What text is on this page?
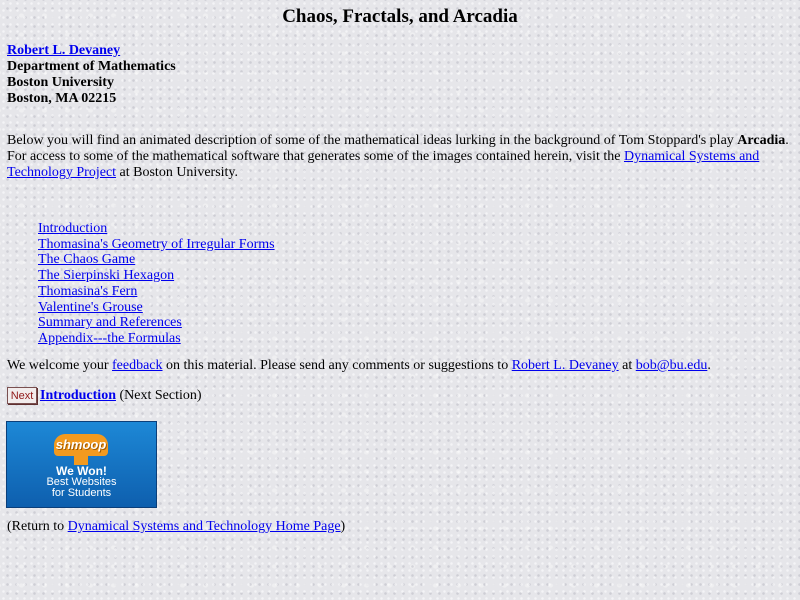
Chaos, Fractals, and Arcadia
Robert L. Devaney
Department of Mathematics
Boston University
Boston, MA 02215
Below you will find an animated description of some of the mathematical ideas lurking in the background of Tom Stoppard's play Arcadia. For access to some of the mathematical software that generates some of the images contained herein, visit the Dynamical Systems and Technology Project at Boston University.
Introduction
Thomasina's Geometry of Irregular Forms
The Chaos Game
The Sierpinski Hexagon
Thomasina's Fern
Valentine's Grouse
Summary and References
Appendix---the Formulas
We welcome your feedback on this material. Please send any comments or suggestions to Robert L. Devaney at bob@bu.edu.
Next Introduction (Next Section)
shmoop
We Won!
Best Websites
for Students
(Return to Dynamical Systems and Technology Home Page)
